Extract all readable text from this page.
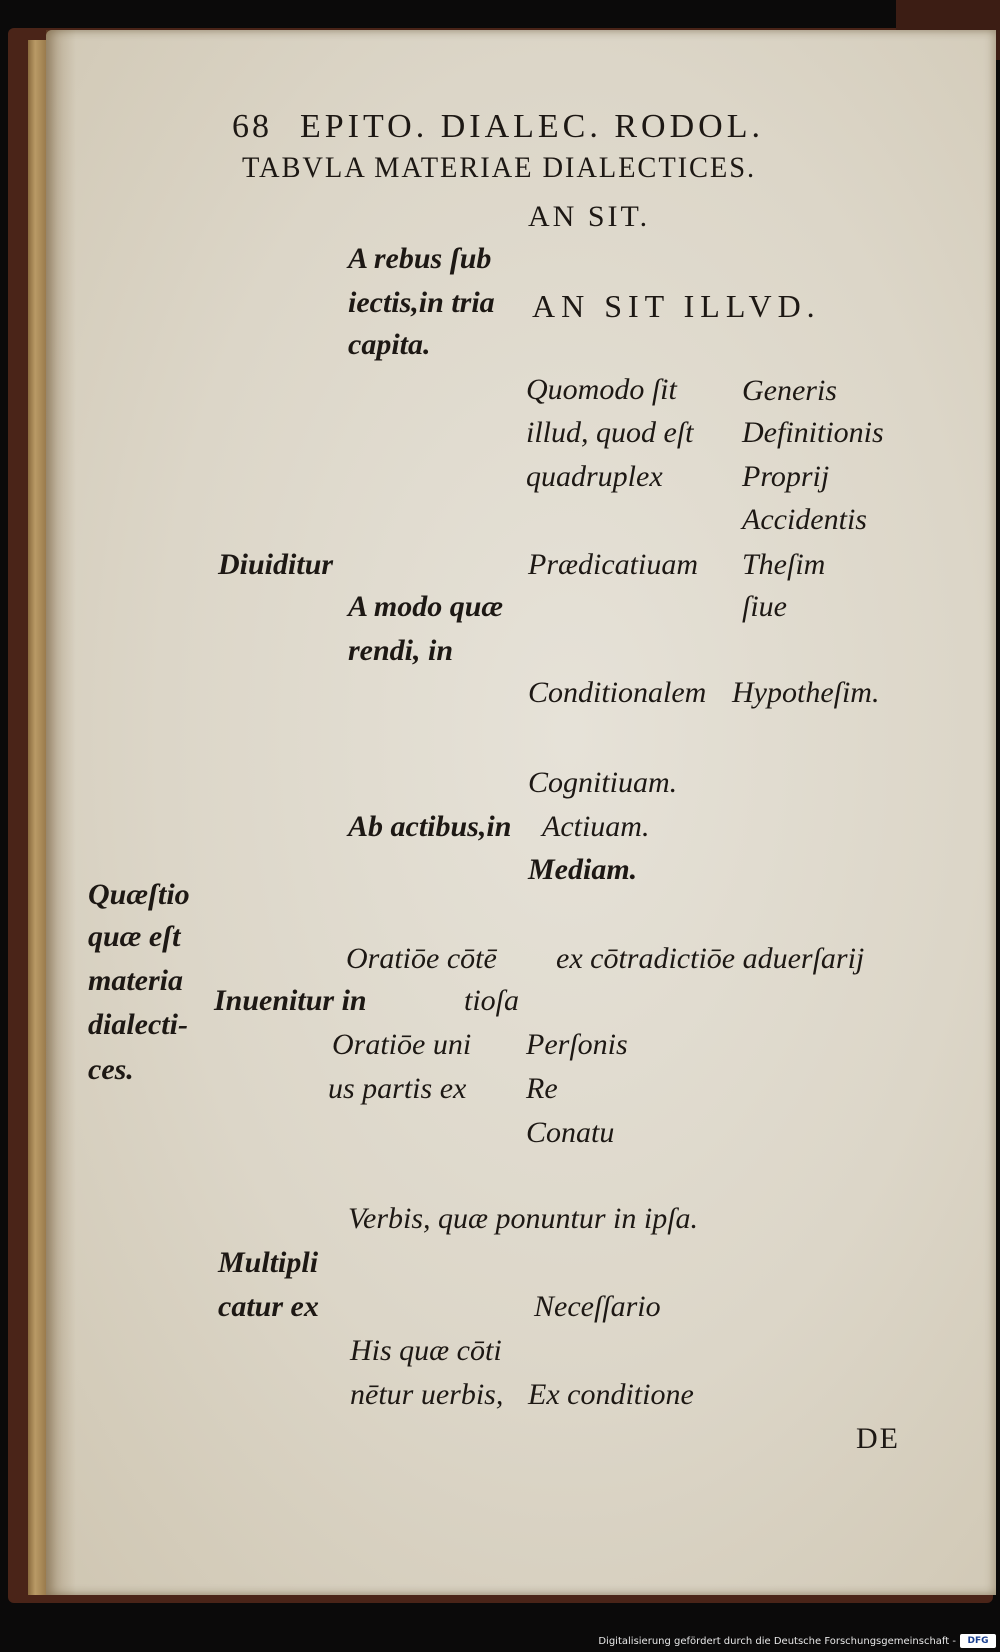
68 EPITO. DIALEC. RODOL.
TABVLA MATERIAE DIALECTICES.
AN SIT.
A rebus ſub
iectis,in tria
capita.
AN SIT ILLVD.
Quomodo ſit
illud, quod eſt
quadruplex
Generis
Definitionis
Proprij
Accidentis
Diuiditur
A modo quæ
rendi, in
Prædicatiuam Theſim
ſiue
Conditionalem Hypotheſim.
Ab actibus,in
Cognitiuam.
Actiuam.
Mediam.
Quæſtio
quæ eſt
materia
dialecti-
ces.
Inuenitur in
Oratiōe cōtē
tioſa
ex cōtradictiōe aduerſarij
Oratiōe uni
us partis ex
Perſonis
Re
Conatu
Verbis, quæ ponuntur in ipſa.
Multipli
catur ex
His quæ cōti
nētur uerbis,
Neceſſario
Ex conditione
DE
Digitalisierung gefördert durch die Deutsche Forschungsgemeinschaft -	DFG
